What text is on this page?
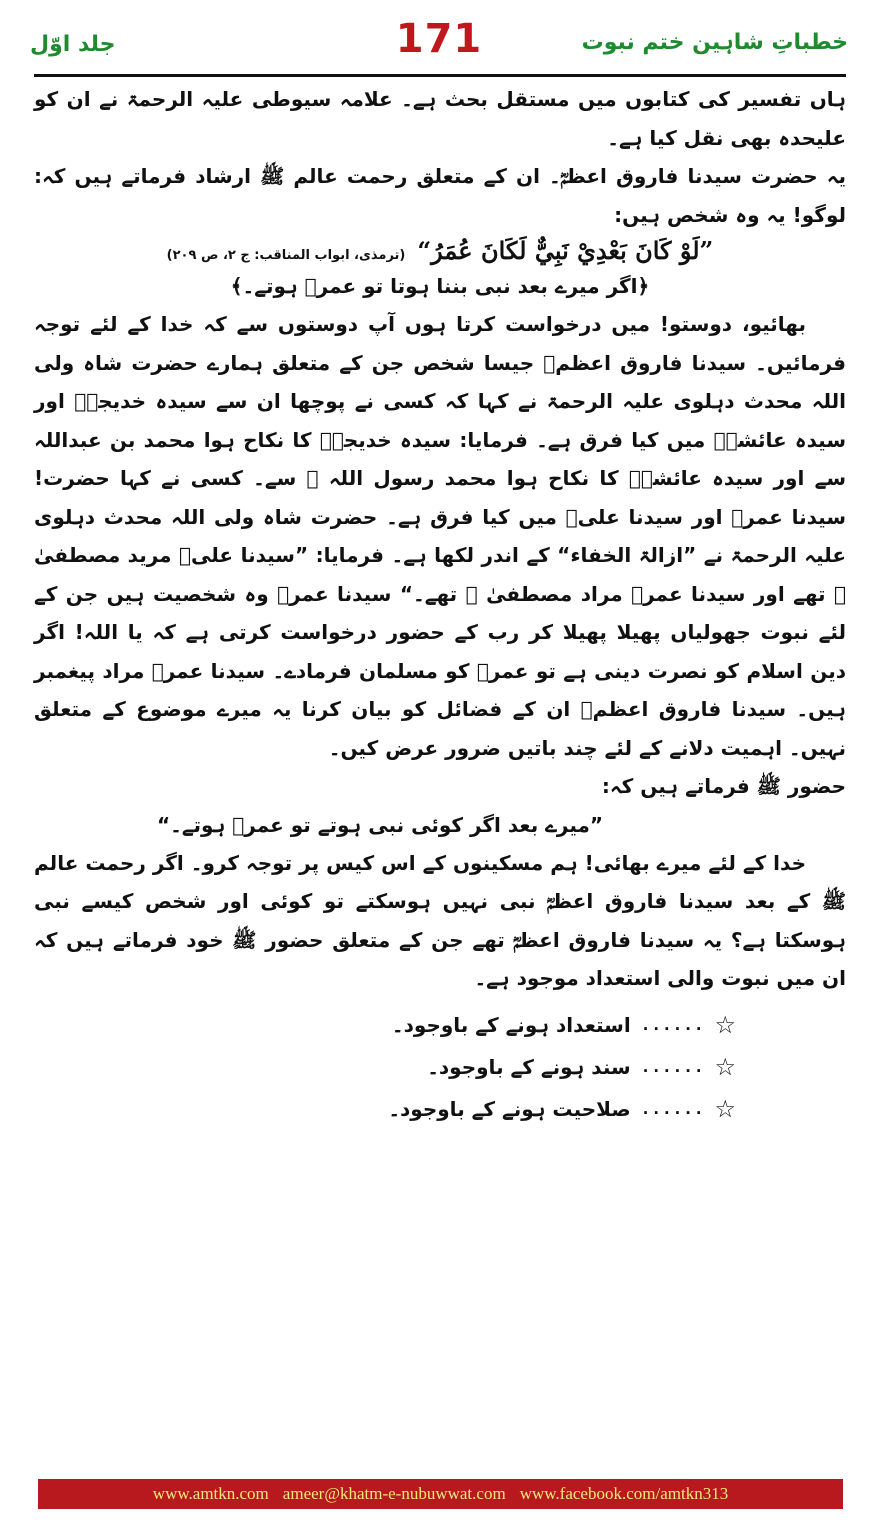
جلد اوّل	171	خطباتِ شاہین ختم نبوت

ہاں تفسیر کی کتابوں میں مستقل بحث ہے۔ علامہ سیوطی علیہ الرحمۃ نے ان کو علیحدہ بھی نقل کیا ہے۔

یہ حضرت سیدنا فاروق اعظمؓ۔ ان کے متعلق رحمت عالم ﷺ ارشاد فرماتے ہیں کہ: لوگو! یہ وہ شخص ہیں:

”لَوْ كَانَ بَعْدِيْ نَبِيٌّ لَكَانَ عُمَرُ“
(ترمذی، ابواب المناقب: ج ۲، ص ۲۰۹)
﴿اگر میرے بعد نبی بننا ہوتا تو عمرؓ ہوتے۔﴾

بھائیو، دوستو! میں درخواست کرتا ہوں آپ دوستوں سے کہ خدا کے لئے توجہ فرمائیں۔ سیدنا فاروق اعظمؓ جیسا شخص جن کے متعلق ہمارے حضرت شاہ ولی اللہ محدث دہلوی علیہ الرحمۃ نے کہا کہ کسی نے پوچھا ان سے سیدہ خدیجہؓ اور سیدہ عائشہؓ میں کیا فرق ہے۔ فرمایا: سیدہ خدیجہؓ کا نکاح ہوا محمد بن عبداللہ سے اور سیدہ عائشہؓ کا نکاح ہوا محمد رسول اللہ ﷺ سے۔ کسی نے کہا حضرت! سیدنا عمرؓ اور سیدنا علیؓ میں کیا فرق ہے۔ حضرت شاہ ولی اللہ محدث دہلوی علیہ الرحمۃ نے ”ازالۃ الخفاء“ کے اندر لکھا ہے۔ فرمایا: ”سیدنا علیؓ مرید مصطفیٰ ﷺ تھے اور سیدنا عمرؓ مراد مصطفیٰ ﷺ تھے۔“ سیدنا عمرؓ وہ شخصیت ہیں جن کے لئے نبوت جھولیاں پھیلا پھیلا کر رب کے حضور درخواست کرتی ہے کہ یا اللہ! اگر دین اسلام کو نصرت دینی ہے تو عمرؓ کو مسلمان فرمادے۔ سیدنا عمرؓ مراد پیغمبر ہیں۔ سیدنا فاروق اعظمؓ ان کے فضائل کو بیان کرنا یہ میرے موضوع کے متعلق نہیں۔ اہمیت دلانے کے لئے چند باتیں ضرور عرض کیں۔

حضور ﷺ فرماتے ہیں کہ:

”میرے بعد اگر کوئی نبی ہوتے تو عمرؓ ہوتے۔“

خدا کے لئے میرے بھائی! ہم مسکینوں کے اس کیس پر توجہ کرو۔ اگر رحمت عالم ﷺ کے بعد سیدنا فاروق اعظمؓ نبی نہیں ہوسکتے تو کوئی اور شخص کیسے نبی ہوسکتا ہے؟ یہ سیدنا فاروق اعظمؓ تھے جن کے متعلق حضور ﷺ خود فرماتے ہیں کہ ان میں نبوت والی استعداد موجود ہے۔

☆
......
استعداد ہونے کے باوجود۔
☆
......
سند ہونے کے باوجود۔
☆
......
صلاحیت ہونے کے باوجود۔
www.amtkn.com ameer@khatm-e-nubuwwat.com www.facebook.com/amtkn313
